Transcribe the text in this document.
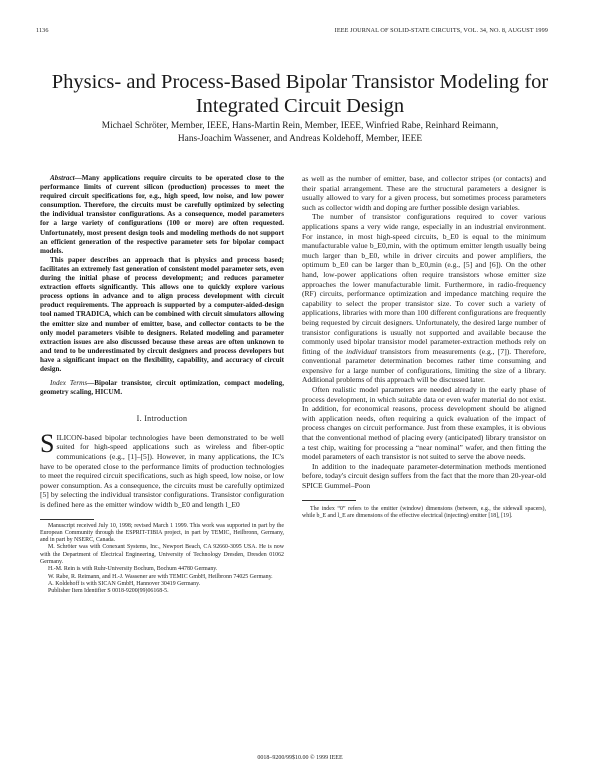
1136	IEEE JOURNAL OF SOLID-STATE CIRCUITS, VOL. 34, NO. 8, AUGUST 1999
Physics- and Process-Based Bipolar Transistor Modeling for Integrated Circuit Design
Michael Schröter, Member, IEEE, Hans-Martin Rein, Member, IEEE, Winfried Rabe, Reinhard Reimann,
Hans-Joachim Wassener, and Andreas Koldehoff, Member, IEEE

Abstract—Many applications require circuits to be operated close to the performance limits of current silicon (production) processes to meet the required circuit specifications for, e.g., high speed, low noise, and low power consumption. Therefore, the circuits must be carefully optimized by selecting the individual transistor configurations. As a consequence, model parameters for a large variety of configurations (100 or more) are often requested. Unfortunately, most present design tools and modeling methods do not support an efficient generation of the respective parameter sets for bipolar compact models.

This paper describes an approach that is physics and process based; facilitates an extremely fast generation of consistent model parameter sets, even during the initial phase of process development; and reduces parameter extraction efforts significantly. This allows one to quickly explore various process options in advance and to align process development with circuit product requirements. The approach is supported by a computer-aided-design tool named TRADICA, which can be combined with circuit simulators allowing the emitter size and number of emitter, base, and collector contacts to be the only model parameters visible to designers. Related modeling and parameter extraction issues are also discussed because these areas are often unknown to and tend to be underestimated by circuit designers and process developers but have a significant impact on the flexibility, capability, and accuracy of circuit design.

Index Terms—Bipolar transistor, circuit optimization, compact modeling, geometry scaling, HICUM.
I. Introduction

SILICON-based bipolar technologies have been demonstrated to be well suited for high-speed applications such as wireless and fiber-optic communications (e.g., [1]–[5]). However, in many applications, the IC's have to be operated close to the performance limits of production technologies to meet the required circuit specifications, such as high speed, low noise, or low power consumption. As a consequence, the circuits must be carefully optimized [5] by selecting the individual transistor configurations. Transistor configuration is defined here as the emitter window width b_E0 and length l_E0

Manuscript received July 10, 1998; revised March 1 1999. This work was supported in part by the European Community through the ESPRIT-TIBIA project, in part by TEMIC, Heilbronn, Germany, and in part by NSERC, Canada.

M. Schröter was with Conexant Systems, Inc., Newport Beach, CA 92660-3095 USA. He is now with the Department of Electrical Engineering, University of Technology Dresden, Dresden 01062 Germany.

H.-M. Rein is with Ruhr-University Bochum, Bochum 44780 Germany.

W. Rabe, R. Reimann, and H.-J. Wassener are with TEMIC GmbH, Heilbronn 74025 Germany.

A. Koldehoff is with SICAN GmbH, Hannover 30419 Germany.

Publisher Item Identifier S 0018-9200(99)06168-5.

as well as the number of emitter, base, and collector stripes (or contacts) and their spatial arrangement. These are the structural parameters a designer is usually allowed to vary for a given process, but sometimes process parameters such as collector width and doping are further possible design variables.

The number of transistor configurations required to cover various applications spans a very wide range, especially in an industrial environment. For instance, in most high-speed circuits, b_E0 is equal to the minimum manufacturable value b_E0,min, with the optimum emitter length usually being much larger than b_E0, while in driver circuits and power amplifiers, the optimum b_E0 can be larger than b_E0,min (e.g., [5] and [6]). On the other hand, low-power applications often require transistors whose emitter size approaches the lower manufacturable limit. Furthermore, in radio-frequency (RF) circuits, performance optimization and impedance matching require the capability to select the proper transistor size. To cover such a variety of applications, libraries with more than 100 different configurations are frequently being requested by circuit designers. Unfortunately, the desired large number of transistor configurations is usually not supported and available because the commonly used bipolar transistor model parameter-extraction methods rely on fitting of the individual transistors from measurements (e.g., [7]). Therefore, conventional parameter determination becomes rather time consuming and expensive for a large number of configurations, limiting the size of a library. Additional problems of this approach will be discussed later.

Often realistic model parameters are needed already in the early phase of process development, in which suitable data or even wafer material do not exist. In addition, for economical reasons, process development should be aligned with application needs, often requiring a quick evaluation of the impact of process changes on circuit performance. Just from these examples, it is obvious that the conventional method of placing every (anticipated) library transistor on a test chip, waiting for processing a “near nominal” wafer, and then fitting the model parameters of each transistor is not suited to serve the above needs.

In addition to the inadequate parameter-determination methods mentioned before, today's circuit design suffers from the fact that the more than 20-year-old SPICE Gummel–Poon

The index “0” refers to the emitter (window) dimensions (between, e.g., the sidewall spacers), while b_E and l_E are dimensions of the effective electrical (injecting) emitter [18], [19].

0018–9200/99$10.00 © 1999 IEEE
